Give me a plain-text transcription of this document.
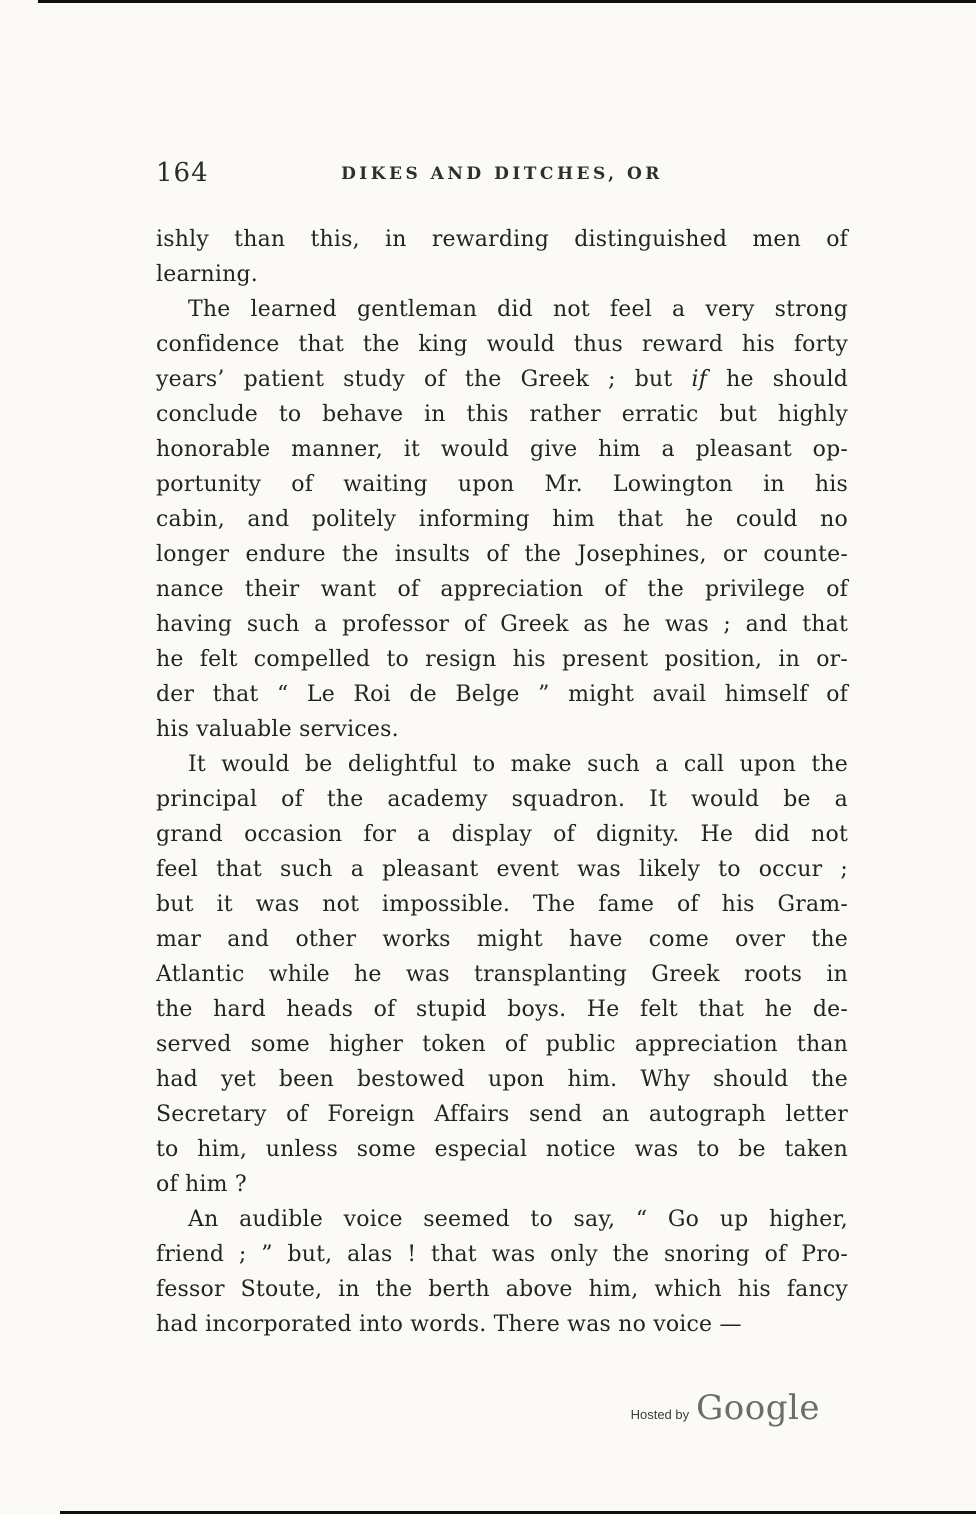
164	DIKES AND DITCHES, OR
ishly than this, in rewarding distinguished men of
learning.
The learned gentleman did not feel a very strong
confidence that the king would thus reward his forty
years’ patient study of the Greek ; but if he should
conclude to behave in this rather erratic but highly
honorable manner, it would give him a pleasant op-
portunity of waiting upon Mr. Lowington in his
cabin, and politely informing him that he could no
longer endure the insults of the Josephines, or counte-
nance their want of appreciation of the privilege of
having such a professor of Greek as he was ; and that
he felt compelled to resign his present position, in or-
der that “ Le Roi de Belge ” might avail himself of
his valuable services.
It would be delightful to make such a call upon the
principal of the academy squadron. It would be a
grand occasion for a display of dignity. He did not
feel that such a pleasant event was likely to occur ;
but it was not impossible. The fame of his Gram-
mar and other works might have come over the
Atlantic while he was transplanting Greek roots in
the hard heads of stupid boys. He felt that he de-
served some higher token of public appreciation than
had yet been bestowed upon him. Why should the
Secretary of Foreign Affairs send an autograph letter
to him, unless some especial notice was to be taken
of him ?
An audible voice seemed to say, “ Go up higher,
friend ; ” but, alas ! that was only the snoring of Pro-
fessor Stoute, in the berth above him, which his fancy
had incorporated into words. There was no voice —
Hosted by Google
